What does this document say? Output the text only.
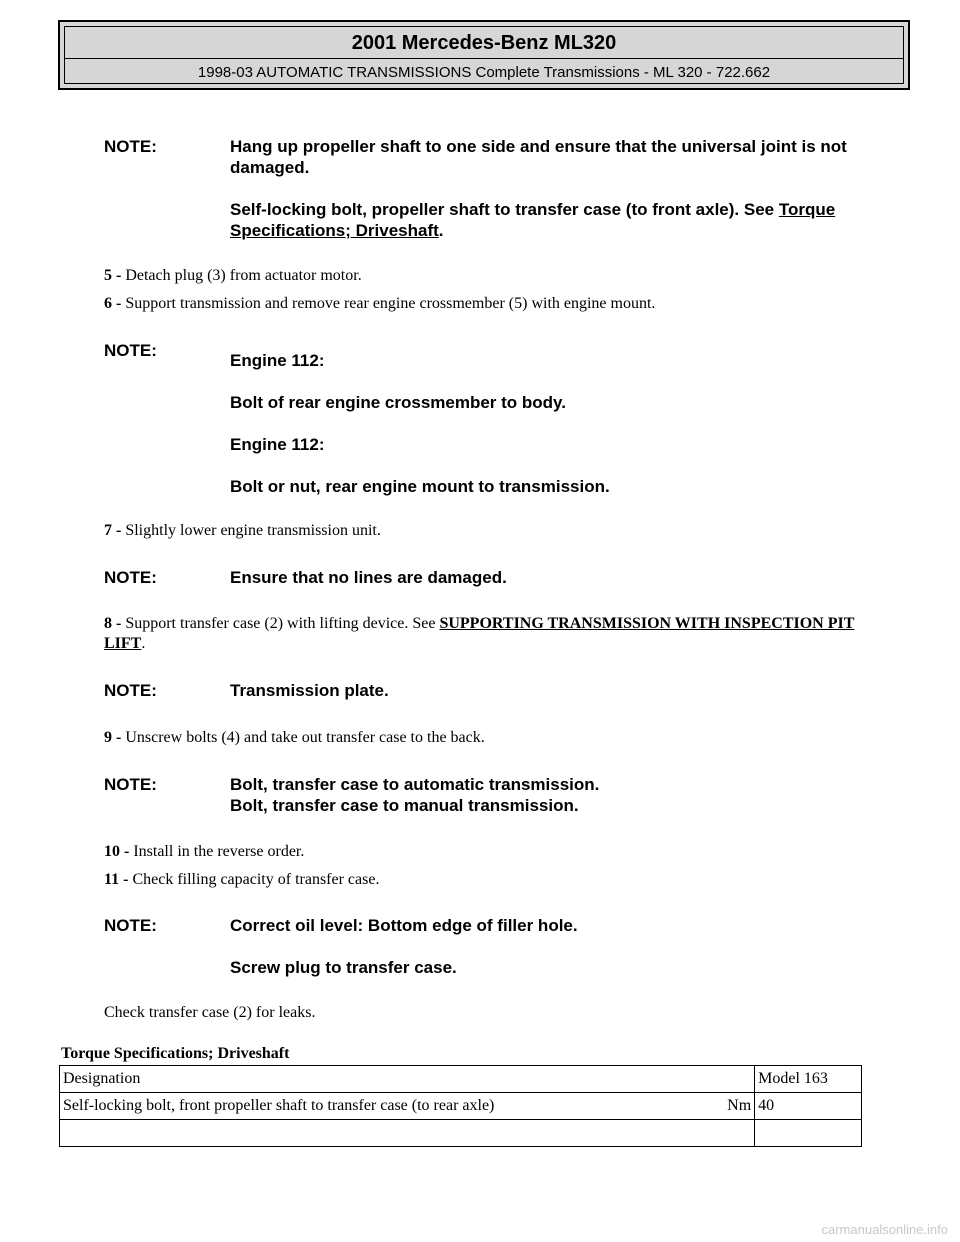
2001 Mercedes-Benz ML320
1998-03 AUTOMATIC TRANSMISSIONS Complete Transmissions - ML 320 - 722.662
NOTE:	Hang up propeller shaft to one side and ensure that the universal joint is not damaged.

Self-locking bolt, propeller shaft to transfer case (to front axle). See Torque Specifications; Driveshaft.

5 - Detach plug (3) from actuator motor.
6 - Support transmission and remove rear engine crossmember (5) with engine mount.
NOTE:

Engine 112:

Bolt of rear engine crossmember to body.

Engine 112:

Bolt or nut, rear engine mount to transmission.

7 - Slightly lower engine transmission unit.
NOTE:	Ensure that no lines are damaged.

8 - Support transfer case (2) with lifting device. See SUPPORTING TRANSMISSION WITH INSPECTION PIT LIFT.
NOTE:	Transmission plate.

9 - Unscrew bolts (4) and take out transfer case to the back.
NOTE:	Bolt, transfer case to automatic transmission.
Bolt, transfer case to manual transmission.
10 - Install in the reverse order.
11 - Check filling capacity of transfer case.
NOTE:	Correct oil level: Bottom edge of filler hole.

Screw plug to transfer case.

Check transfer case (2) for leaks.
Torque Specifications; Driveshaft
Designation		Model 163
Self-locking bolt, front propeller shaft to transfer case (to rear axle)	Nm	40

carmanualsonline.info
